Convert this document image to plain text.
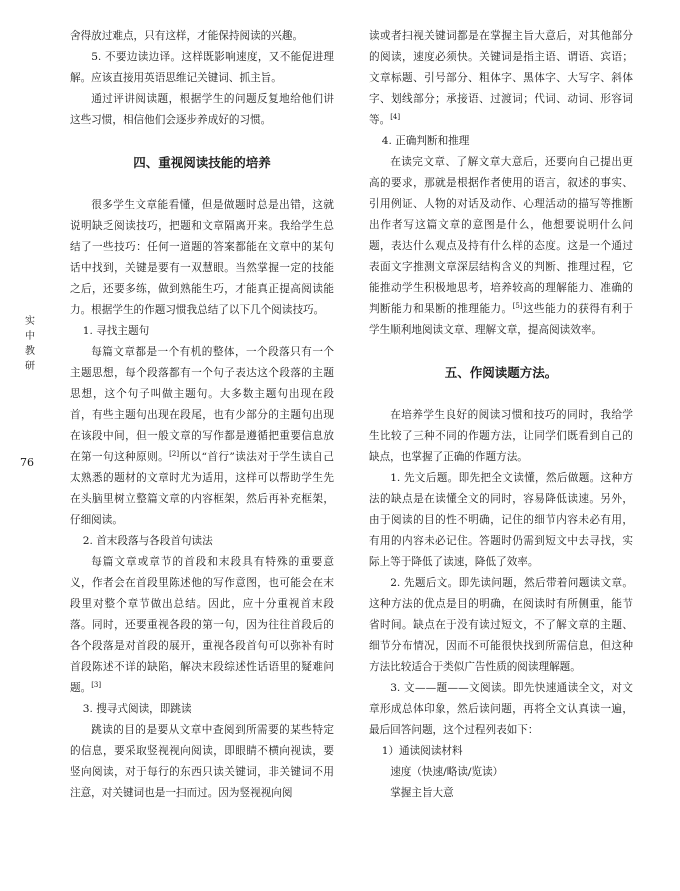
实
中
教
研
76

舍得放过难点，只有这样，才能保持阅读的兴趣。

5. 不要边读边译。这样既影响速度，又不能促进理解。应该直接用英语思维记关键词、抓主旨。

通过评讲阅读题，根据学生的问题反复地给他们讲这些习惯，相信他们会逐步养成好的习惯。

四、重视阅读技能的培养

很多学生文章能看懂，但是做题时总是出错，这就说明缺乏阅读技巧，把题和文章隔离开来。我给学生总结了一些技巧：任何一道题的答案都能在文章中的某句话中找到，关键是要有一双慧眼。当然掌握一定的技能之后，还要多练，做到熟能生巧，才能真正提高阅读能力。根据学生的作题习惯我总结了以下几个阅读技巧。

1. 寻找主题句

每篇文章都是一个有机的整体，一个段落只有一个主题思想，每个段落都有一个句子表达这个段落的主题思想，这个句子叫做主题句。大多数主题句出现在段首，有些主题句出现在段尾，也有少部分的主题句出现在该段中间，但一般文章的写作都是遵循把重要信息放在第一句这种原则。[2]所以“首行”读法对于学生读自己太熟悉的题材的文章时尤为适用，这样可以帮助学生先在头脑里树立整篇文章的内容框架，然后再补充框架，仔细阅读。

2. 首末段落与各段首句读法

每篇文章或章节的首段和末段具有特殊的重要意义，作者会在首段里陈述他的写作意图，也可能会在末段里对整个章节做出总结。因此，应十分重视首末段落。同时，还要重视各段的第一句，因为往往首段后的各个段落是对首段的展开，重视各段首句可以弥补有时首段陈述不详的缺陷，解决末段综述性话语里的疑难问题。[3]

3. 搜寻式阅读，即跳读

跳读的目的是要从文章中查阅到所需要的某些特定的信息，要采取竖视视向阅读，即眼睛不横向视读，要竖向阅读，对于每行的东西只读关键词，非关键词不用注意，对关键词也是一扫而过。因为竖视视向阅

读或者扫视关键词都是在掌握主旨大意后，对其他部分的阅读，速度必须快。关键词是指主语、谓语、宾语；文章标题、引号部分、粗体字、黑体字、大写字、斜体字、划线部分；承接语、过渡词；代词、动词、形容词等。[4]

4. 正确判断和推理

在读完文章、了解文章大意后，还要向自己提出更高的要求，那就是根据作者使用的语言，叙述的事实、引用例证、人物的对话及动作、心理活动的描写等推断出作者写这篇文章的意图是什么，他想要说明什么问题，表达什么观点及持有什么样的态度。这是一个通过表面文字推测文章深层结构含义的判断、推理过程，它能推动学生积极地思考，培养较高的理解能力、准确的判断能力和果断的推理能力。[5]这些能力的获得有利于学生顺利地阅读文章、理解文章，提高阅读效率。

五、作阅读题方法。

在培养学生良好的阅读习惯和技巧的同时，我给学生比较了三种不同的作题方法，让同学们既看到自己的缺点，也掌握了正确的作题方法。

1. 先文后题。即先把全文读懂，然后做题。这种方法的缺点是在读懂全文的同时，容易降低读速。另外，由于阅读的目的性不明确，记住的细节内容未必有用，有用的内容未必记住。答题时仍需到短文中去寻找，实际上等于降低了读速，降低了效率。

2. 先题后文。即先读问题，然后带着问题读文章。这种方法的优点是目的明确，在阅读时有所侧重，能节省时间。缺点在于没有读过短文，不了解文章的主题、细节分布情况，因而不可能很快找到所需信息，但这种方法比较适合于类似广告性质的阅读理解题。

3. 文——题——文阅读。即先快速通读全文，对文章形成总体印象，然后读问题，再将全文认真读一遍，最后回答问题，这个过程列表如下：

1）通读阅读材料

速度（快速/略读/览读）

掌握主旨大意
